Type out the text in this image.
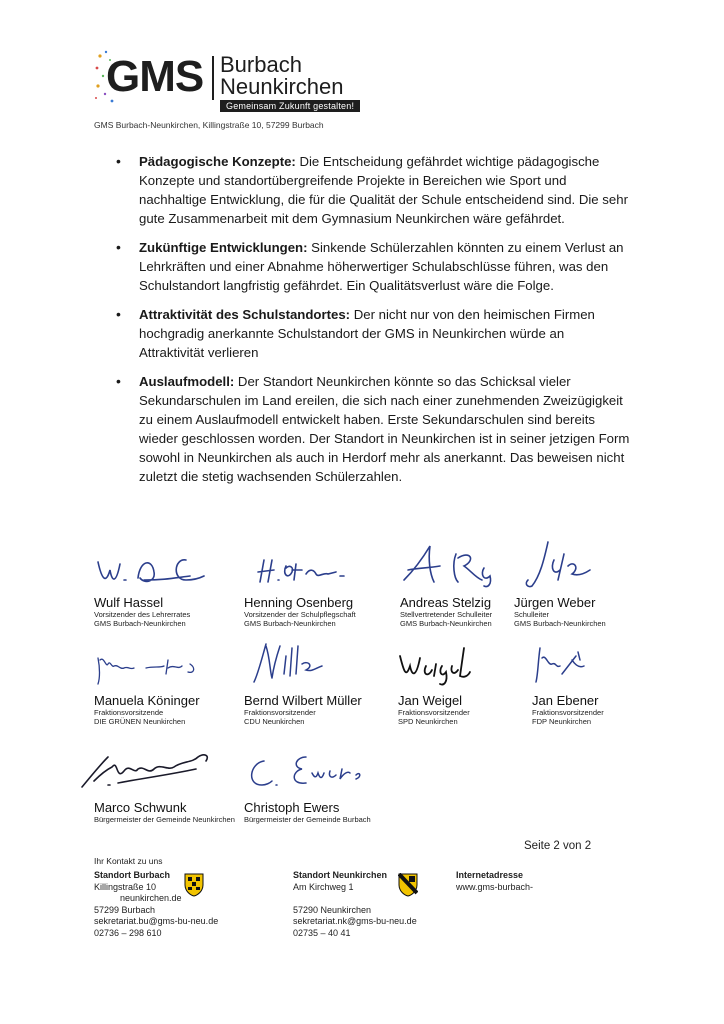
GMS Burbach
Neunkirchen
Gemeinsam Zukunft gestalten!
GMS Burbach-Neunkirchen, Killingstraße 10, 57299 Burbach
• Pädagogische Konzepte: Die Entscheidung gefährdet wichtige pädagogische Konzepte und standortübergreifende Projekte in Bereichen wie Sport und nachhaltige Entwicklung, die für die Qualität der Schule entscheidend sind. Die sehr gute Zusammenarbeit mit dem Gymnasium Neunkirchen wäre gefährdet.
• Zukünftige Entwicklungen: Sinkende Schülerzahlen könnten zu einem Verlust an Lehrkräften und einer Abnahme höherwertiger Schulabschlüsse führen, was den Schulstandort langfristig gefährdet. Ein Qualitätsverlust wäre die Folge.
• Attraktivität des Schulstandortes: Der nicht nur von den heimischen Firmen hochgradig anerkannte Schulstandort der GMS in Neunkirchen würde an Attraktivität verlieren
• Auslaufmodell: Der Standort Neunkirchen könnte so das Schicksal vieler Sekundarschulen im Land ereilen, die sich nach einer zunehmenden Zweizügigkeit zu einem Auslaufmodell entwickelt haben. Erste Sekundarschulen sind bereits wieder geschlossen worden. Der Standort in Neunkirchen ist in seiner jetzigen Form sowohl in Neunkirchen als auch in Herdorf mehr als anerkannt. Das beweisen nicht zuletzt die stetig wachsenden Schülerzahlen.
Wulf Hassel
Vorsitzender des Lehrerrates
GMS Burbach-Neunkirchen
Henning Osenberg
Vorsitzender der Schulpflegschaft
GMS Burbach-Neunkirchen
Andreas Stelzig
Stellvertretender Schulleiter
GMS Burbach-Neunkirchen
Jürgen Weber
Schulleiter
GMS Burbach-Neunkirchen
Manuela Köninger
Fraktionsvorsitzende
DIE GRÜNEN Neunkirchen
Bernd Wilbert Müller
Fraktionsvorsitzender
CDU Neunkirchen
Jan Weigel
Fraktionsvorsitzender
SPD Neunkirchen
Jan Ebener
Fraktionsvorsitzender
FDP Neunkirchen
Marco Schwunk
Bürgermeister der Gemeinde Neunkirchen
Christoph Ewers
Bürgermeister der Gemeinde Burbach
Seite 2 von 2
Ihr Kontakt zu uns
Standort Burbach
Killingstraße 10
neunkirchen.de
57299 Burbach
sekretariat.bu@gms-bu-neu.de
02736 – 298 610
Standort Neunkirchen
Am Kirchweg 1
57290 Neunkirchen
sekretariat.nk@gms-bu-neu.de
02735 – 40 41
Internetadresse
www.gms-burbach-
